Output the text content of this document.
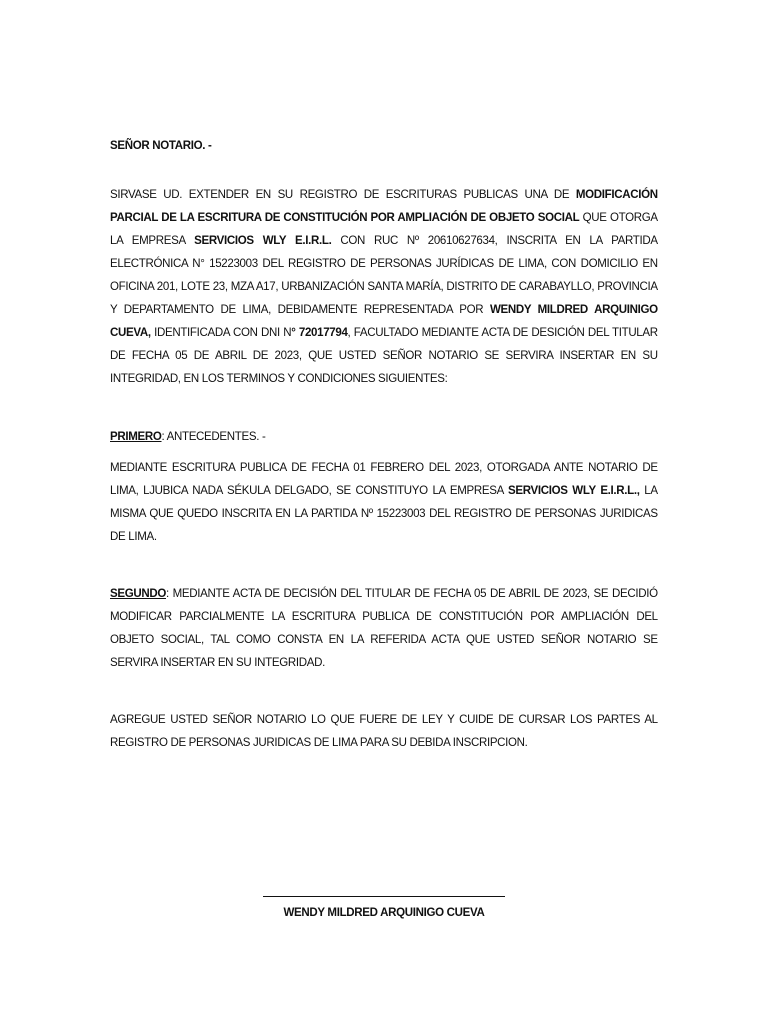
SEÑOR NOTARIO. -

SIRVASE UD. EXTENDER EN SU REGISTRO DE ESCRITURAS PUBLICAS UNA DE MODIFICACIÓN PARCIAL DE LA ESCRITURA DE CONSTITUCIÓN POR AMPLIACIÓN DE OBJETO SOCIAL QUE OTORGA LA EMPRESA SERVICIOS WLY E.I.R.L. CON RUC Nº 20610627634, INSCRITA EN LA PARTIDA ELECTRÓNICA N° 15223003 DEL REGISTRO DE PERSONAS JURÍDICAS DE LIMA, CON DOMICILIO EN OFICINA 201, LOTE 23, MZA A17, URBANIZACIÓN SANTA MARÍA, DISTRITO DE CARABAYLLO, PROVINCIA Y DEPARTAMENTO DE LIMA, DEBIDAMENTE REPRESENTADA POR WENDY MILDRED ARQUINIGO CUEVA, IDENTIFICADA CON DNI N° 72017794, FACULTADO MEDIANTE ACTA DE DESICIÓN DEL TITULAR DE FECHA 05 DE ABRIL DE 2023, QUE USTED SEÑOR NOTARIO SE SERVIRA INSERTAR EN SU INTEGRIDAD, EN LOS TERMINOS Y CONDICIONES SIGUIENTES:

PRIMERO: ANTECEDENTES. -

MEDIANTE ESCRITURA PUBLICA DE FECHA 01 FEBRERO DEL 2023, OTORGADA ANTE NOTARIO DE LIMA, LJUBICA NADA SÉKULA DELGADO, SE CONSTITUYO LA EMPRESA SERVICIOS WLY E.I.R.L., LA MISMA QUE QUEDO INSCRITA EN LA PARTIDA Nº 15223003 DEL REGISTRO DE PERSONAS JURIDICAS DE LIMA.

SEGUNDO: MEDIANTE ACTA DE DECISIÓN DEL TITULAR DE FECHA 05 DE ABRIL DE 2023, SE DECIDIÓ MODIFICAR PARCIALMENTE LA ESCRITURA PUBLICA DE CONSTITUCIÓN POR AMPLIACIÓN DEL OBJETO SOCIAL, TAL COMO CONSTA EN LA REFERIDA ACTA QUE USTED SEÑOR NOTARIO SE SERVIRA INSERTAR EN SU INTEGRIDAD.

AGREGUE USTED SEÑOR NOTARIO LO QUE FUERE DE LEY Y CUIDE DE CURSAR LOS PARTES AL REGISTRO DE PERSONAS JURIDICAS DE LIMA PARA SU DEBIDA INSCRIPCION.

WENDY MILDRED ARQUINIGO CUEVA
